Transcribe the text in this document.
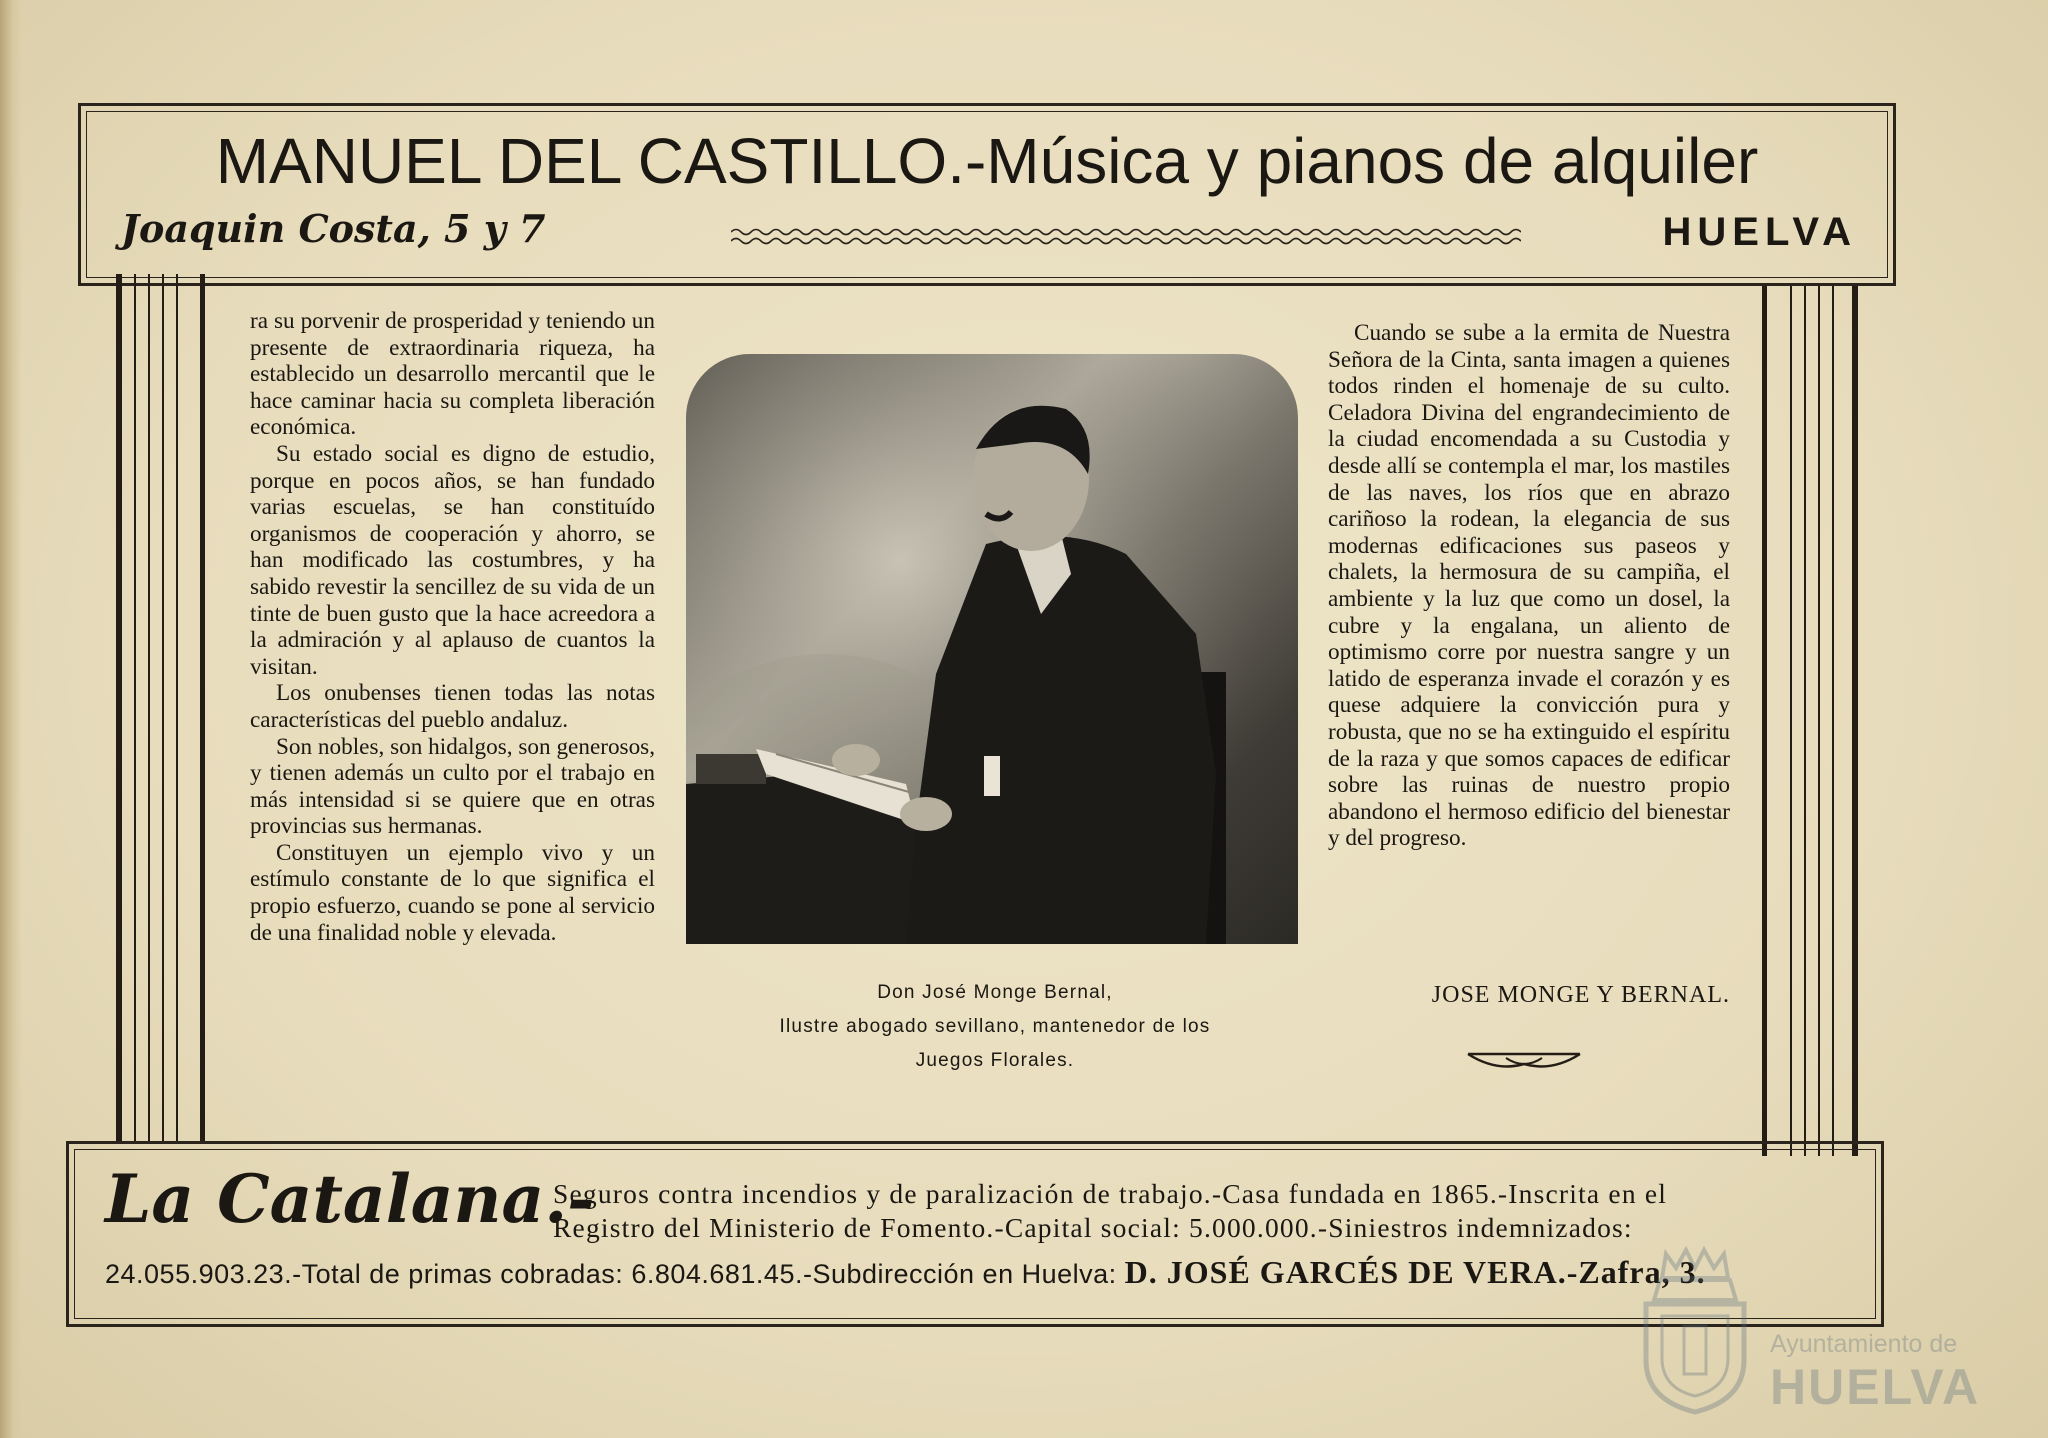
MANUEL DEL CASTILLO.-Música y pianos de alquiler
Joaquin Costa, 5 y 7	HUELVA

ra su porvenir de prosperidad y teniendo un presente de extraordinaria riqueza, ha establecido un desarrollo mercantil que le hace caminar hacia su completa liberación económica.

Su estado social es digno de estudio, porque en pocos años, se han fundado varias escuelas, se han constituído organismos de cooperación y ahorro, se han modificado las costumbres, y ha sabido revestir la sencillez de su vida de un tinte de buen gusto que la hace acreedora a la admiración y al aplauso de cuantos la visitan.

Los onubenses tienen todas las notas características del pueblo andaluz.

Son nobles, son hidalgos, son generosos, y tienen además un culto por el trabajo en más intensidad si se quiere que en otras provincias sus hermanas.

Constituyen un ejemplo vivo y un estímulo constante de lo que significa el propio esfuerzo, cuando se pone al servicio de una finalidad noble y elevada.

Don José Monge Bernal,
Ilustre abogado sevillano, mantenedor de los
Juegos Florales.

Cuando se sube a la ermita de Nuestra Señora de la Cinta, santa imagen a quienes todos rinden el homenaje de su culto. Celadora Divina del engrandecimiento de la ciudad encomendada a su Custodia y desde allí se contempla el mar, los mastiles de las naves, los ríos que en abrazo cariñoso la rodean, la elegancia de sus modernas edificaciones sus paseos y chalets, la hermosura de su campiña, el ambiente y la luz que como un dosel, la cubre y la engalana, un aliento de optimismo corre por nuestra sangre y un latido de esperanza invade el corazón y es quese adquiere la convicción pura y robusta, que no se ha extinguido el espíritu de la raza y que somos capaces de edificar sobre las ruinas de nuestro propio abandono el hermoso edificio del bienestar y del progreso.

JOSE MONGE Y BERNAL.
La Catalana.-
Seguros contra incendios y de paralización de trabajo.-Casa fundada en 1865.-Inscrita en el
Registro del Ministerio de Fomento.-Capital social: 5.000.000.-Siniestros indemnizados:
24.055.903.23.-Total de primas cobradas: 6.804.681.45.-Subdirección en Huelva: D. JOSÉ GARCÉS DE VERA.-Zafra, 3.
Ayuntamiento de
HUELVA
